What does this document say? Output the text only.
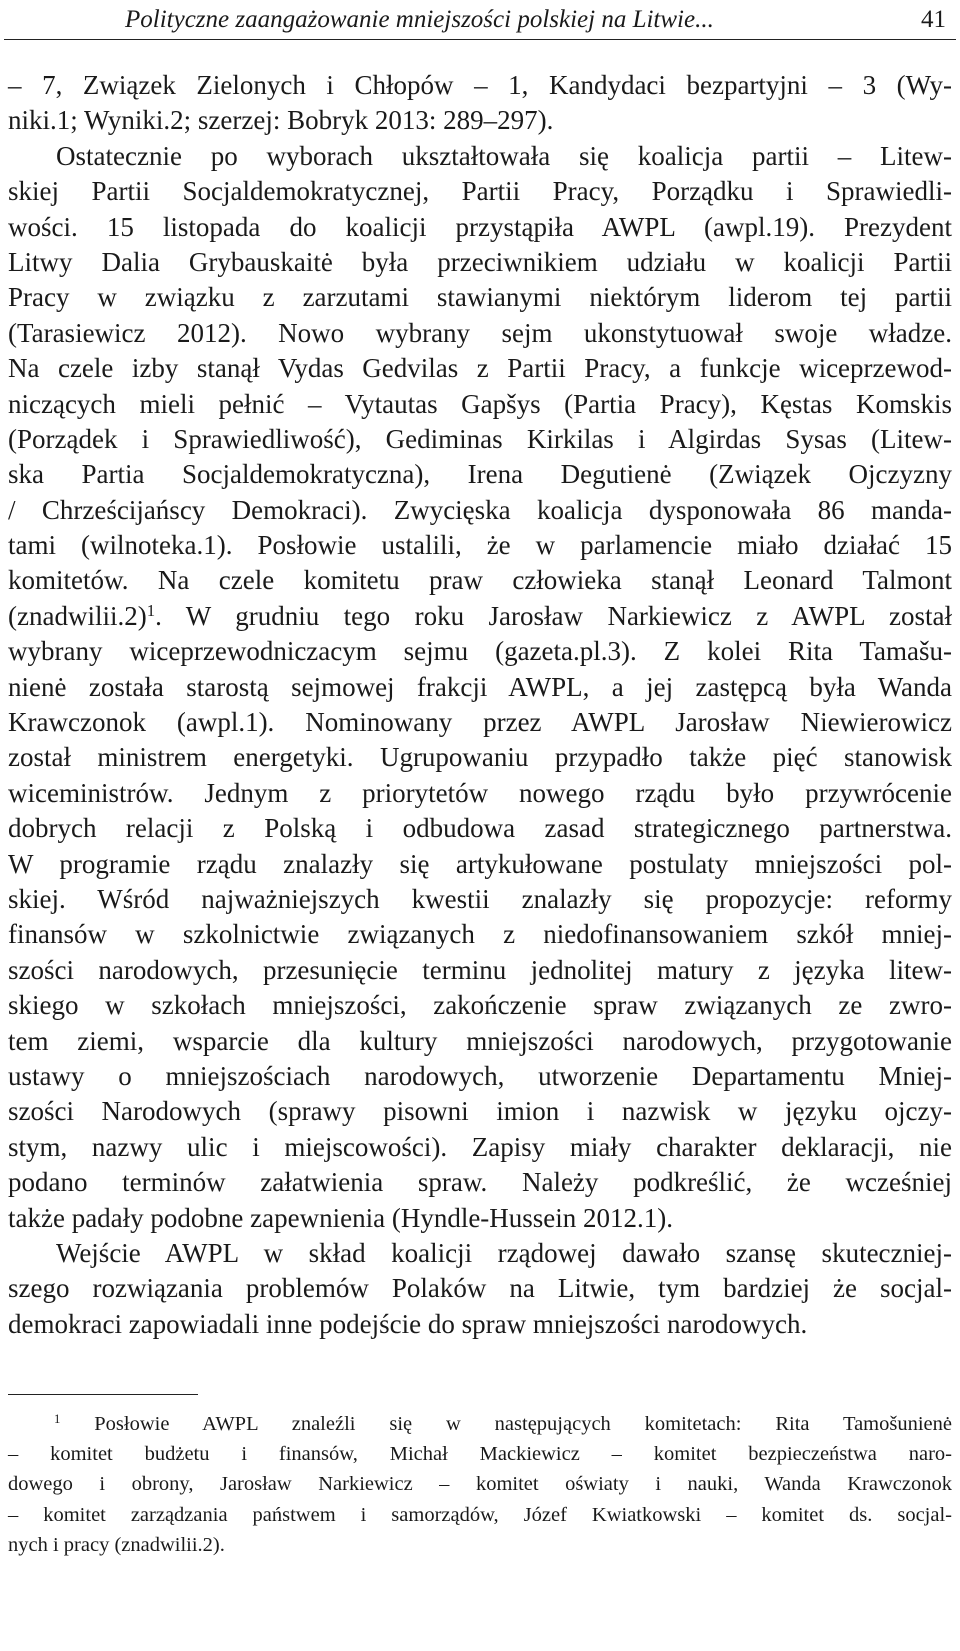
Polityczne zaangażowanie mniejszości polskiej na Litwie...	41
– 7, Związek Zielonych i Chłopów – 1, Kandydaci bezpartyjni – 3 (Wy-
niki.1; Wyniki.2; szerzej: Bobryk 2013: 289–297).
Ostatecznie po wyborach ukształtowała się koalicja partii – Litew-
skiej Partii Socjaldemokratycznej, Partii Pracy, Porządku i Sprawiedli-
wości. 15 listopada do koalicji przystąpiła AWPL (awpl.19). Prezydent
Litwy Dalia Grybauskaitė była przeciwnikiem udziału w koalicji Partii
Pracy w związku z zarzutami stawianymi niektórym liderom tej partii
(Tarasiewicz 2012). Nowo wybrany sejm ukonstytuował swoje władze.
Na czele izby stanął Vydas Gedvilas z Partii Pracy, a funkcje wiceprzewod-
niczących mieli pełnić – Vytautas Gapšys (Partia Pracy), Kęstas Komskis
(Porządek i Sprawiedliwość), Gediminas Kirkilas i Algirdas Sysas (Litew-
ska Partia Socjaldemokratyczna), Irena Degutienė (Związek Ojczyzny
/ Chrześcijańscy Demokraci). Zwycięska koalicja dysponowała 86 manda-
tami (wilnoteka.1). Posłowie ustalili, że w parlamencie miało działać 15
komitetów. Na czele komitetu praw człowieka stanął Leonard Talmont
(znadwilii.2)$^1$. W grudniu tego roku Jarosław Narkiewicz z AWPL został
wybrany wiceprzewodniczacym sejmu (gazeta.pl.3). Z kolei Rita Tamašu-
nienė została starostą sejmowej frakcji AWPL, a jej zastępcą była Wanda
Krawczonok (awpl.1). Nominowany przez AWPL Jarosław Niewierowicz
został ministrem energetyki. Ugrupowaniu przypadło także pięć stanowisk
wiceministrów. Jednym z priorytetów nowego rządu było przywrócenie
dobrych relacji z Polską i odbudowa zasad strategicznego partnerstwa.
W programie rządu znalazły się artykułowane postulaty mniejszości pol-
skiej. Wśród najważniejszych kwestii znalazły się propozycje: reformy
finansów w szkolnictwie związanych z niedofinansowaniem szkół mniej-
szości narodowych, przesunięcie terminu jednolitej matury z języka litew-
skiego w szkołach mniejszości, zakończenie spraw związanych ze zwro-
tem ziemi, wsparcie dla kultury mniejszości narodowych, przygotowanie
ustawy o mniejszościach narodowych, utworzenie Departamentu Mniej-
szości Narodowych (sprawy pisowni imion i nazwisk w języku ojczy-
stym, nazwy ulic i miejscowości). Zapisy miały charakter deklaracji, nie
podano terminów załatwienia spraw. Należy podkreślić, że wcześniej
także padały podobne zapewnienia (Hyndle-Hussein 2012.1).
Wejście AWPL w skład koalicji rządowej dawało szansę skuteczniej-
szego rozwiązania problemów Polaków na Litwie, tym bardziej że socjal-
demokraci zapowiadali inne podejście do spraw mniejszości narodowych.
$^1$ Posłowie AWPL znaleźli się w następujących komitetach: Rita Tamošunienė
– komitet budżetu i finansów, Michał Mackiewicz – komitet bezpieczeństwa naro-
dowego i obrony, Jarosław Narkiewicz – komitet oświaty i nauki, Wanda Krawczonok
– komitet zarządzania państwem i samorządów, Józef Kwiatkowski – komitet ds. socjal-
nych i pracy (znadwilii.2).
